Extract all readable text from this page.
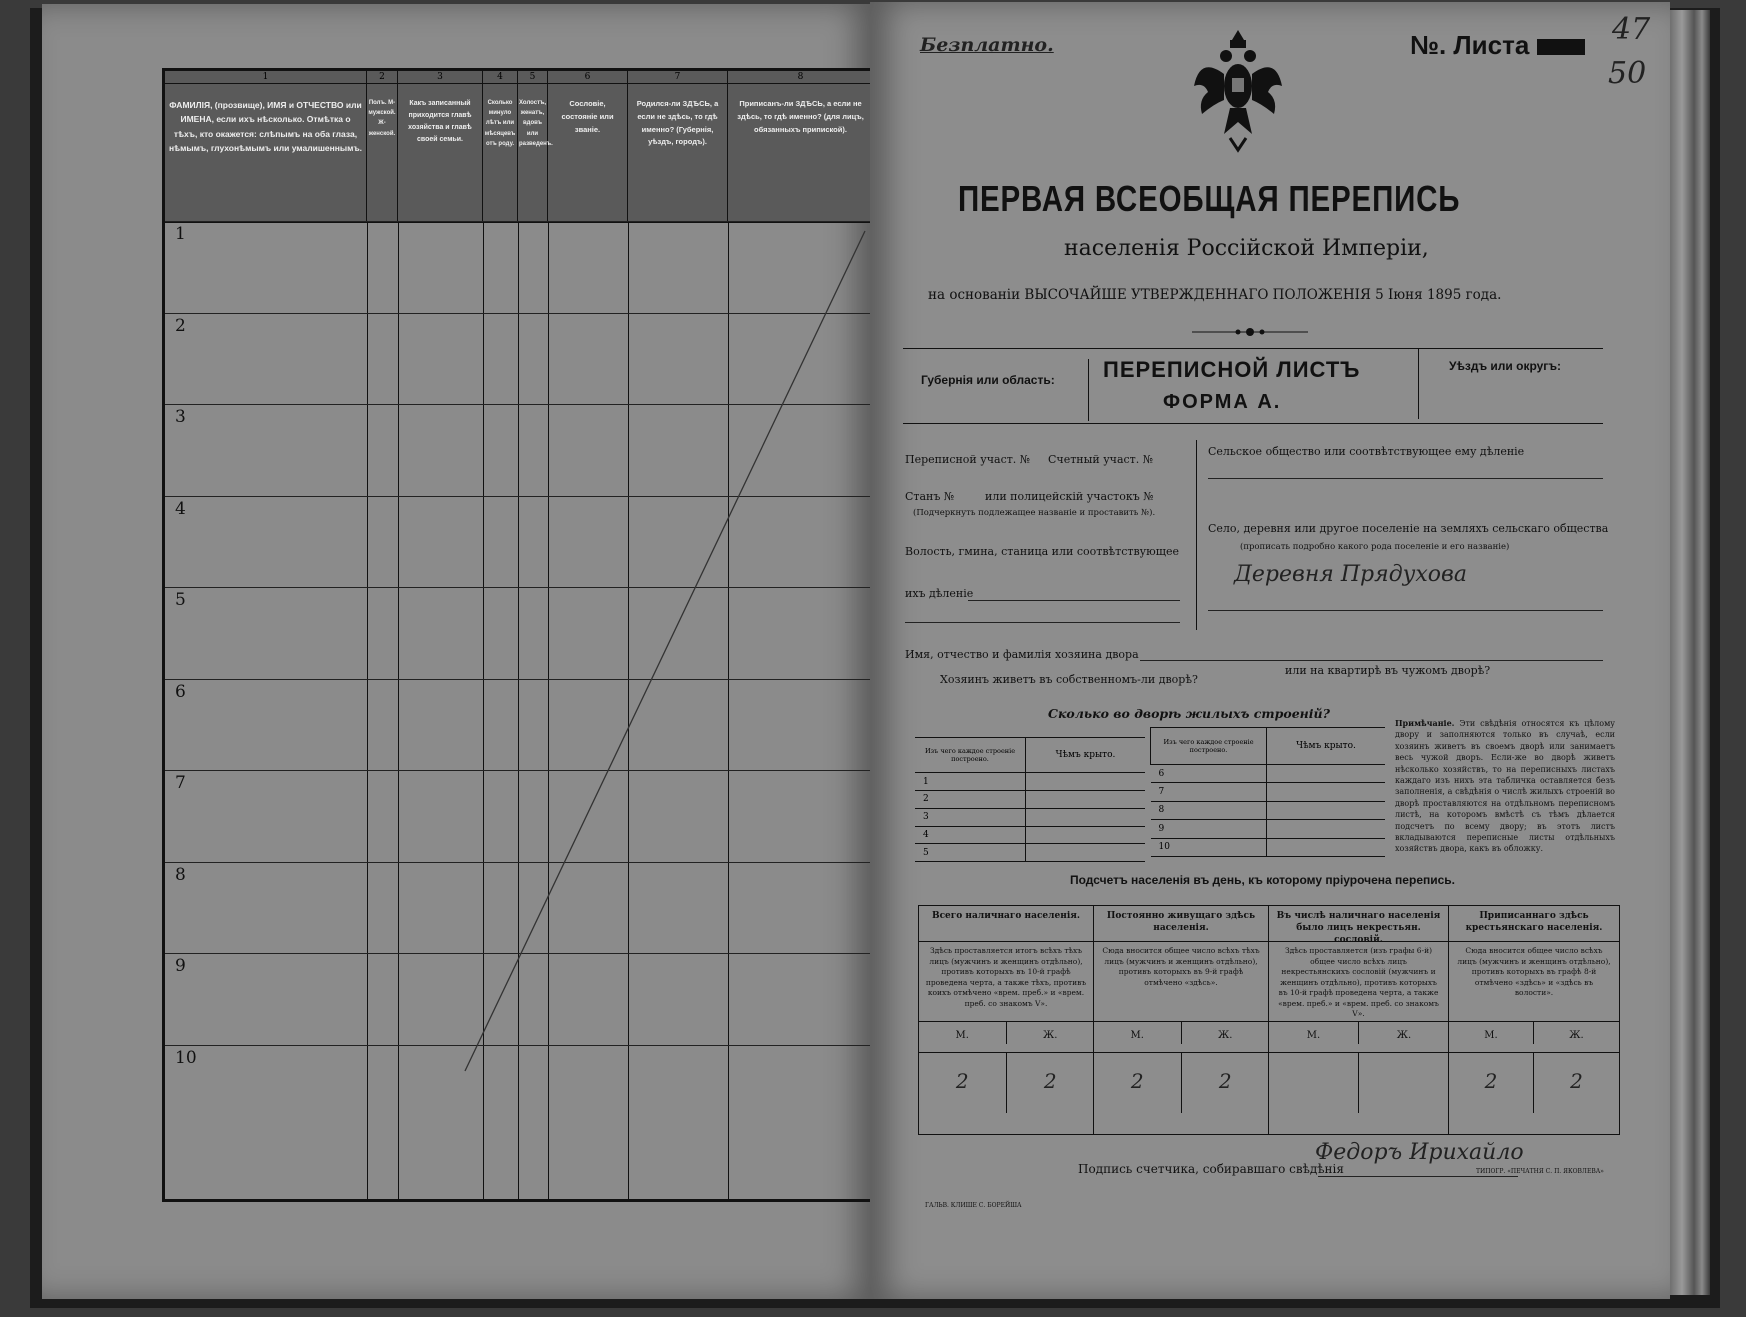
1
ФАМИЛІЯ, (прозвище), ИМЯ и ОТЧЕСТВО или ИМЕНА, если ихъ нѣсколько. Отмѣтка о тѣхъ, кто окажется: слѣпымъ на оба глаза, нѣмымъ, глухонѣмымъ или умалишеннымъ.
2
Полъ. М-мужской. Ж-женской.
3
Какъ записанный приходится главѣ хозяйства и главѣ своей семьи.
4
Сколько минуло лѣтъ или мѣсяцевъ отъ роду.
5
Холостъ, женатъ, вдовъ или разведенъ.
6
Сословіе, состояніе или званіе.
7
Родился-ли ЗДѢСЬ, а если не здѣсь, то гдѣ именно? (Губернія, уѣздъ, городъ).
8
Приписанъ-ли ЗДѢСЬ, а если не здѣсь, то гдѣ именно? (для лицъ, обязанныхъ припиской).
1
2
3
4
5
6
7
8
9
10
Безплатно.	№. Листа	47
50
ПЕРВАЯ ВСЕОБЩАЯ ПЕРЕПИСЬ
населенія Россійской Имперіи,
на основаніи ВЫСОЧАЙШЕ УТВЕРЖДЕННАГО ПОЛОЖЕНІЯ 5 Іюня 1895 года.
Губернія или область: ПЕРЕПИСНОЙ ЛИСТЪ
ФОРМА А.
Уѣздъ или округъ:
Переписной участ. № Счетный участ. №
Станъ №	или полицейскій участокъ №
(Подчеркнуть подлежащее названіе и проставить №).
Волость, гмина, станица или соотвѣтствующее
ихъ дѣленіе
Сельское общество или соотвѣтствующее ему дѣленіе
Село, деревня или другое поселеніе на земляхъ сельскаго общества
(прописать подробно какого рода поселеніе и его названіе)
Деревня Прядухова
Имя, отчество и фамилія хозяина двора
Хозяинъ живетъ въ собственномъ-ли дворѣ?
или на квартирѣ въ чужомъ дворѣ?
Сколько во дворѣ жилыхъ строеній?
Изъ чего каждое строеніе построено.	Чѣмъ крыто.
1	
2	
3	
4	
5	
Изъ чего каждое строеніе построено.	Чѣмъ крыто.
6	
7	
8	
9	
10	
Примѣчаніе. Эти свѣдѣнія относятся къ цѣлому двору и заполняются только въ случаѣ, если хозяинъ живетъ въ своемъ дворѣ или занимаетъ весь чужой дворъ. Если-же во дворѣ живетъ нѣсколько хозяйствъ, то на переписныхъ листахъ каждаго изъ нихъ эта табличка оставляется безъ заполненія, а свѣдѣнія о числѣ жилыхъ строеній во дворѣ проставляются на отдѣльномъ переписномъ листѣ, на которомъ вмѣстѣ съ тѣмъ дѣлается подсчетъ по всему двору; въ этотъ листъ вкладываются переписные листы отдѣльныхъ хозяйствъ двора, какъ въ обложку.
Подсчетъ населенія въ день, къ которому пріурочена перепись.
Всего наличнаго населенія.
Здѣсь проставляется итогъ всѣхъ тѣхъ лицъ (мужчинъ и женщинъ отдѣльно), противъ которыхъ въ 10-й графѣ проведена черта, а также тѣхъ, противъ коихъ отмѣчено «врем. преб.» и «врем. преб. со знакомъ V».
М.	Ж.
2	2
Постоянно живущаго здѣсь населенія.
Сюда вносится общее число всѣхъ тѣхъ лицъ (мужчинъ и женщинъ отдѣльно), противъ которыхъ въ 9-й графѣ отмѣчено «здѣсь».
М.	Ж.
2	2
Въ числѣ наличнаго населенія было лицъ некрестьян. сословій.
Здѣсь проставляется (изъ графы 6-й) общее число всѣхъ лицъ некрестьянскихъ сословій (мужчинъ и женщинъ отдѣльно), противъ которыхъ въ 10-й графѣ проведена черта, а также «врем. преб.» и «врем. преб. со знакомъ V».
М.	Ж.
Приписаннаго здѣсь крестьянскаго населенія.
Сюда вносится общее число всѣхъ лицъ (мужчинъ и женщинъ отдѣльно), противъ которыхъ въ графѣ 8-й отмѣчено «здѣсь» и «здѣсь въ волости».
М.	Ж.
2	2
Подпись счетчика, собиравшаго свѣдѣнія
Федоръ Ирихайло
ГАЛЬВ. КЛИШЕ С. БОРЕЙША
ТИПОГР. «ПЕЧАТНЯ С. П. ЯКОВЛЕВА»
